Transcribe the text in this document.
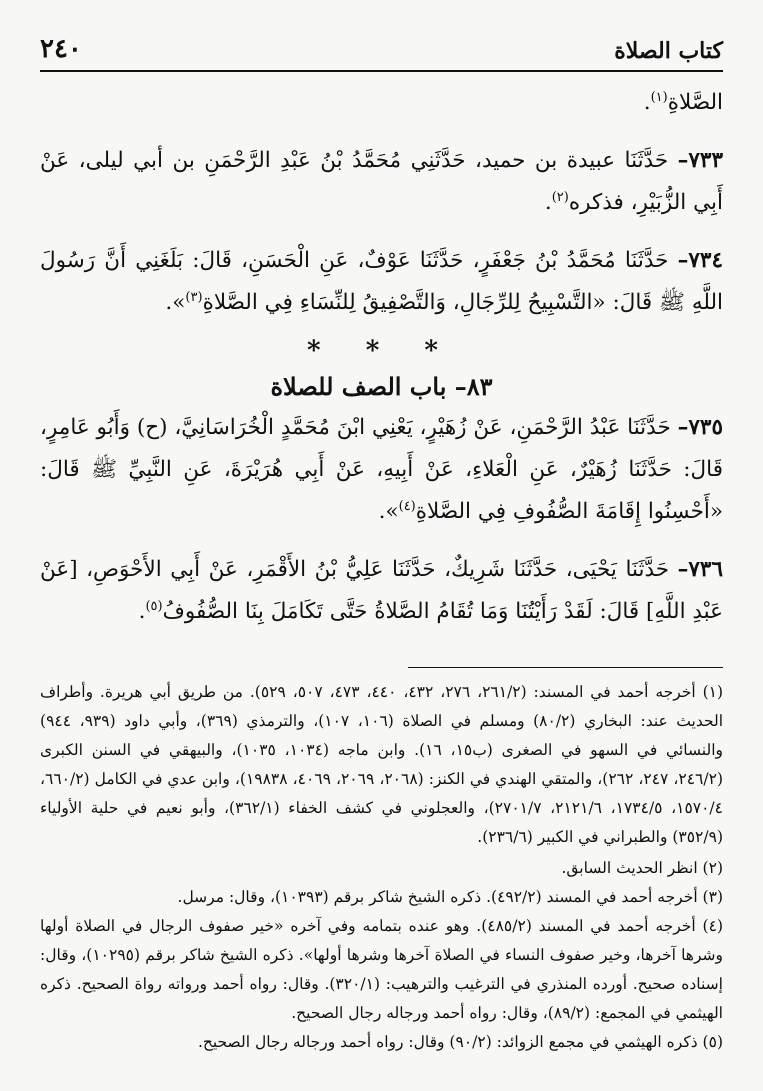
كتاب الصلاة
٢٤٠

الصَّلاةِ$^{(١)}$.

٧٣٣– حَدَّثَنَا عبيدة بن حميد، حَدَّثَنِي مُحَمَّدُ بْنُ عَبْدِ الرَّحْمَنِ بن أبي ليلى، عَنْ أَبِي الزُّبَيْرِ، فذكره$^{(٢)}$.

٧٣٤– حَدَّثَنَا مُحَمَّدُ بْنُ جَعْفَرٍ، حَدَّثَنَا عَوْفٌ، عَنِ الْحَسَنِ، قَالَ: بَلَغَنِي أَنَّ رَسُولَ اللَّهِ ﷺ قَالَ: «التَّسْبِيحُ لِلرِّجَالِ، وَالتَّصْفِيقُ لِلنِّسَاءِ فِي الصَّلاةِ$^{(٣)}$».

* * *
٨٣– باب الصف للصلاة

٧٣٥– حَدَّثَنَا عَبْدُ الرَّحْمَنِ، عَنْ زُهَيْرٍ، يَعْنِي ابْنَ مُحَمَّدٍ الْخُرَاسَانِيَّ، (ح) وَأَبُو عَامِرٍ، قَالَ: حَدَّثَنَا زُهَيْرٌ، عَنِ الْعَلاءِ، عَنْ أَبِيهِ، عَنْ أَبِي هُرَيْرَةَ، عَنِ النَّبِيِّ ﷺ قَالَ: «أَحْسِنُوا إِقَامَةَ الصُّفُوفِ فِي الصَّلاةِ$^{(٤)}$».

٧٣٦– حَدَّثَنَا يَحْيَى، حَدَّثَنَا شَرِيكٌ، حَدَّثَنَا عَلِيُّ بْنُ الأَقْمَرِ، عَنْ أَبِي الأَحْوَصِ، [عَنْ عَبْدِ اللَّهِ] قَالَ: لَقَدْ رَأَيْتُنَا وَمَا تُقَامُ الصَّلاةُ حَتَّى تَكَامَلَ بِنَا الصُّفُوفُ$^{(٥)}$.

(١) أخرجه أحمد في المسند: (٢٦١/٢، ٢٧٦، ٤٣٢، ٤٤٠، ٤٧٣، ٥٠٧، ٥٢٩). من طريق أبي هريرة. وأطراف الحديث عند: البخاري (٨٠/٢) ومسلم في الصلاة (١٠٦، ١٠٧)، والترمذي (٣٦٩)، وأبي داود (٩٣٩، ٩٤٤) والنسائي في السهو في الصغرى (ب١٥، ١٦). وابن ماجه (١٠٣٤، ١٠٣٥)، والبيهقي في السنن الكبرى (٢٤٦/٢، ٢٤٧، ٢٦٢)، والمتقي الهندي في الكنز: (٢٠٦٨، ٢٠٦٩، ٤٠٦٩، ١٩٨٣٨)، وابن عدي في الكامل (٦٦٠/٢، ١٥٧٠/٤، ١٧٣٤/٥، ٢١٢١/٦، ٢٧٠١/٧)، والعجلوني في كشف الخفاء (٣٦٢/١)، وأبو نعيم في حلية الأولياء (٣٥٢/٩) والطبراني في الكبير (٢٣٦/٦).

(٢) انظر الحديث السابق.

(٣) أخرجه أحمد في المسند (٤٩٢/٢). ذكره الشيخ شاكر برقم (١٠٣٩٣)، وقال: مرسل.

(٤) أخرجه أحمد في المسند (٤٨٥/٢). وهو عنده بتمامه وفي آخره «خير صفوف الرجال في الصلاة أولها وشرها آخرها، وخير صفوف النساء في الصلاة آخرها وشرها أولها». ذكره الشيخ شاكر برقم (١٠٢٩٥)، وقال: إسناده صحيح. أورده المنذري في الترغيب والترهيب: (٣٢٠/١). وقال: رواه أحمد ورواته رواة الصحيح. ذكره الهيثمي في المجمع: (٨٩/٢)، وقال: رواه أحمد ورجاله رجال الصحيح.

(٥) ذكره الهيثمي في مجمع الزوائد: (٩٠/٢) وقال: رواه أحمد ورجاله رجال الصحيح.
